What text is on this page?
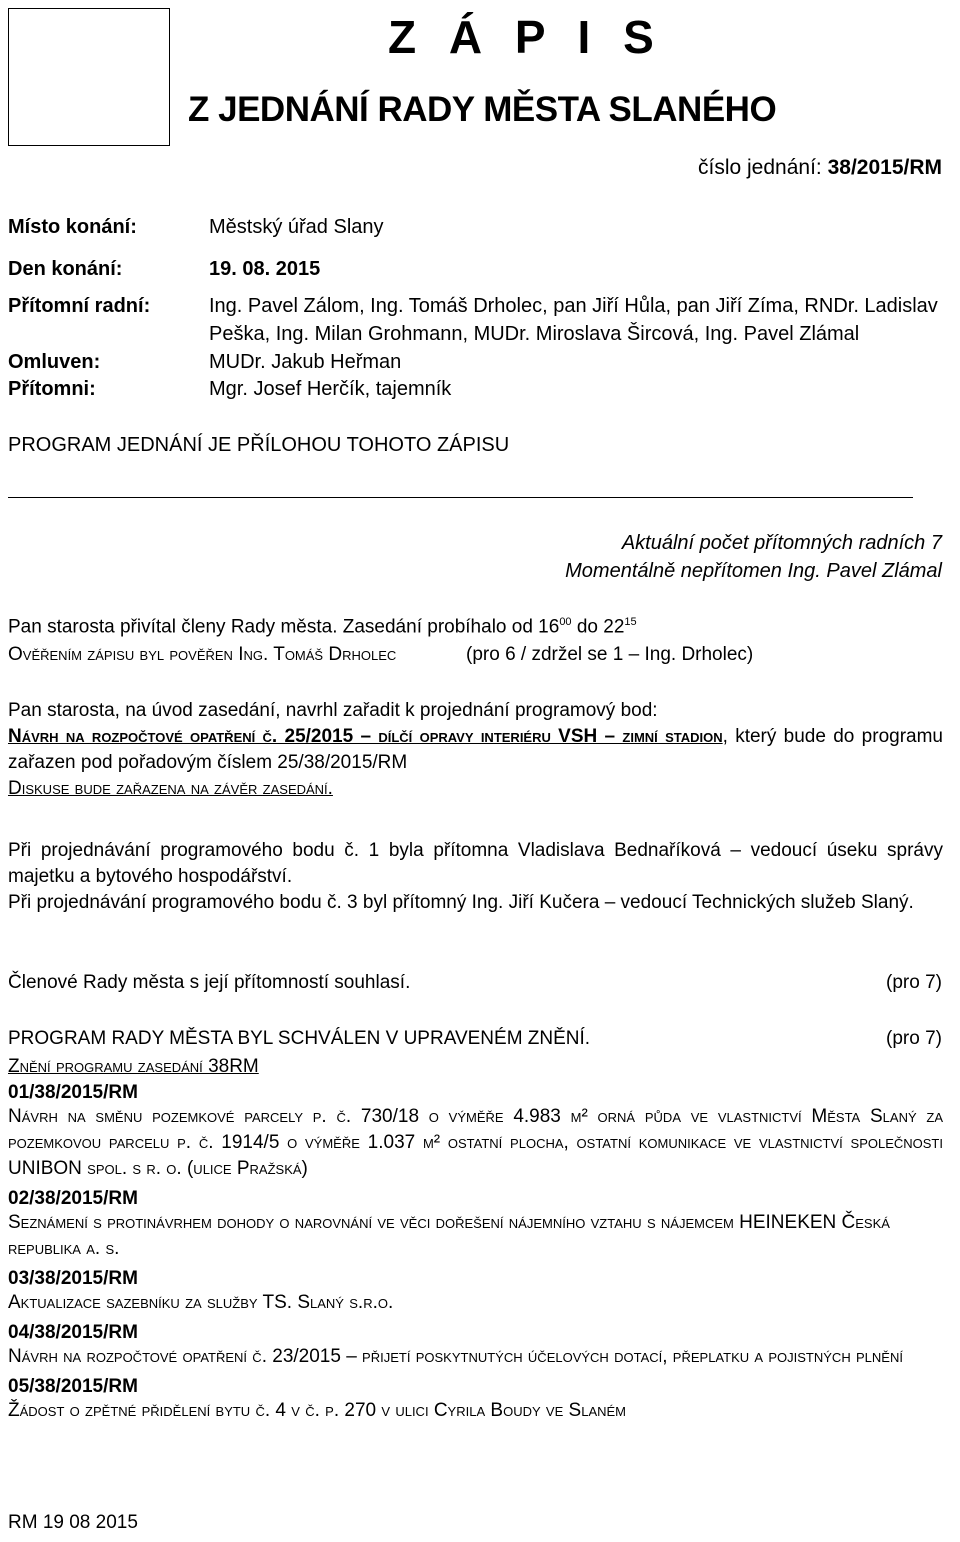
Z Á P I S
Z JEDNÁNÍ RADY MĚSTA SLANÉHO
číslo jednání: 38/2015/RM
Místo konání:	Městský úřad Slany
Den konání:	19. 08. 2015
Přítomní radní:	Ing. Pavel Zálom, Ing. Tomáš Drholec, pan Jiří Hůla, pan Jiří Zíma, RNDr. Ladislav
Peška, Ing. Milan Grohmann, MUDr. Miroslava Šircová, Ing. Pavel Zlámal
Omluven:	MUDr. Jakub Heřman
Přítomni:	Mgr. Josef Herčík, tajemník
PROGRAM JEDNÁNÍ JE PŘÍLOHOU TOHOTO ZÁPISU
Aktuální počet přítomných radních 7
Momentálně nepřítomen Ing. Pavel Zlámal
Pan starosta přivítal členy Rady města. Zasedání probíhalo od $16^{00}$ do $22^{15}$
Ověřením zápisu byl pověřen Ing. Tomáš Drholec	(pro 6 / zdržel se 1 – Ing. Drholec)
Pan starosta, na úvod zasedání, navrhl zařadit k projednání programový bod:
Návrh na rozpočtové opatření č. 25/2015 – dílčí opravy interiéru VSH – zimní stadion, který bude do programu zařazen pod pořadovým číslem 25/38/2015/RM
Diskuse bude zařazena na závěr zasedání.
Při projednávání programového bodu č. 1 byla přítomna Vladislava Bednaříková – vedoucí úseku správy majetku a bytového hospodářství.
Při projednávání programového bodu č. 3 byl přítomný Ing. Jiří Kučera – vedoucí Technických služeb Slaný.
Členové Rady města s její přítomností souhlasí.	(pro 7)
PROGRAM RADY MĚSTA BYL SCHVÁLEN V UPRAVENÉM ZNĚNÍ.	(pro 7)
Znění programu zasedání 38RM
01/38/2015/RM
Návrh na směnu pozemkové parcely p. č. 730/18 o výměře 4.983 m² orná půda ve vlastnictví Města Slaný za pozemkovou parcelu p. č. 1914/5 o výměře 1.037 m² ostatní plocha, ostatní komunikace ve vlastnictví společnosti UNIBON spol. s r. o. (ulice Pražská)
02/38/2015/RM
Seznámení s protinávrhem dohody o narovnání ve věci dořešení nájemního vztahu s nájemcem HEINEKEN Česká republika a. s.
03/38/2015/RM
Aktualizace sazebníku za služby TS. Slaný s.r.o.
04/38/2015/RM
Návrh na rozpočtové opatření č. 23/2015 – přijetí poskytnutých účelových dotací, přeplatku a pojistných plnění
05/38/2015/RM
Žádost o zpětné přidělení bytu č. 4 v č. p. 270 v ulici Cyrila Boudy ve Slaném
RM 19 08 2015
